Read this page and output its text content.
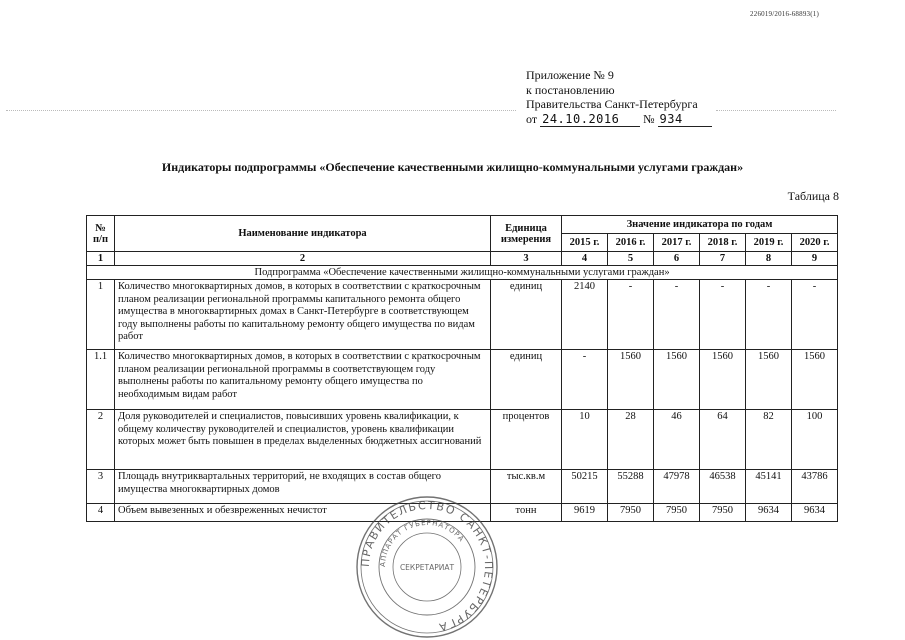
226019/2016-68893(1)
Приложение № 9
к постановлению
Правительства Санкт-Петербурга
от 24.10.2016 № 934
Индикаторы подпрограммы «Обеспечение качественными жилищно-коммунальными услугами граждан»
Таблица 8
№ п/п	Наименование индикатора	Единица измерения	Значение индикатора по годам					
			2015 г.	2016 г.	2017 г.	2018 г.	2019 г.	2020 г.
1	2	3	4	5	6	7	8	9
Подпрограмма «Обеспечение качественными жилищно-коммунальными услугами граждан»								
1	Количество многоквартирных домов, в которых в соответствии с краткосрочным планом реализации региональной программы капитального ремонта общего имущества в многоквартирных домах в Санкт-Петербурге в соответствующем году выполнены работы по капитальному ремонту общего имущества по видам работ	единиц	2140	-	-	-	-	-
1.1	Количество многоквартирных домов, в которых в соответствии с краткосрочным планом реализации региональной программы в соответствующем году выполнены работы по капитальному ремонту общего имущества по необходимым видам работ	единиц	-	1560	1560	1560	1560	1560
2	Доля руководителей и специалистов, повысивших уровень квалификации, к общему количеству руководителей и специалистов, уровень квалификации которых может быть повышен в пределах выделенных бюджетных ассигнований	процентов	10	28	46	64	82	100
3	Площадь внутриквартальных территорий, не входящих в состав общего имущества многоквартирных домов	тыс.кв.м	50215	55288	47978	46538	45141	43786
4	Объем вывезенных и обезвреженных нечистот	тонн	9619	7950	7950	7950	9634	9634
ПРАВИТЕЛЬСТВО САНКТ-ПЕТЕРБУРГА
АППАРАТ ГУБЕРНАТОРА
СЕКРЕТАРИАТ
